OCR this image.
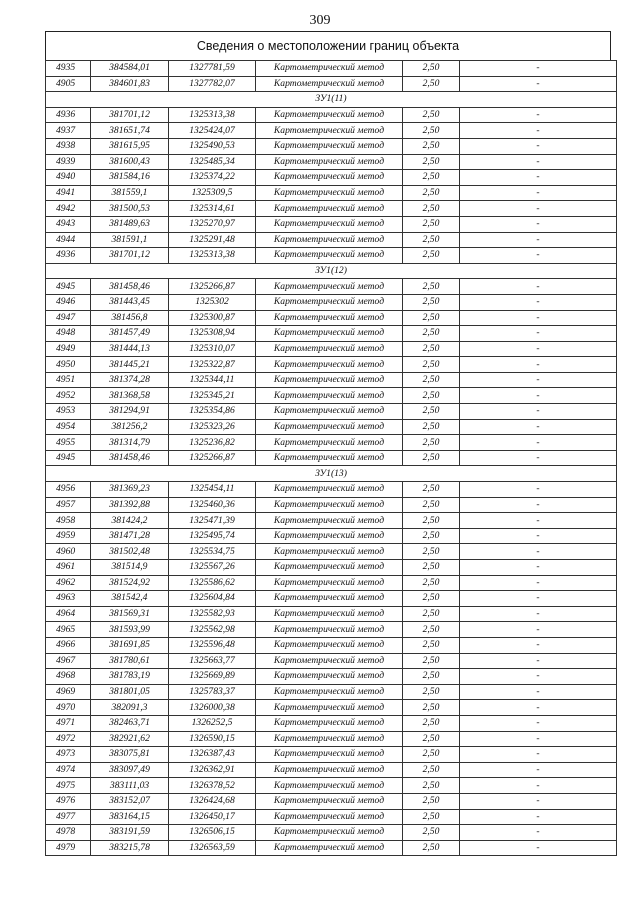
309
Сведения о местоположении границ объекта
4935	384584,01	1327781,59	Картометрический метод	2,50	-
4905	384601,83	1327782,07	Картометрический метод	2,50	-
ЗУ1(11)					
4936	381701,12	1325313,38	Картометрический метод	2,50	-
4937	381651,74	1325424,07	Картометрический метод	2,50	-
4938	381615,95	1325490,53	Картометрический метод	2,50	-
4939	381600,43	1325485,34	Картометрический метод	2,50	-
4940	381584,16	1325374,22	Картометрический метод	2,50	-
4941	381559,1	1325309,5	Картометрический метод	2,50	-
4942	381500,53	1325314,61	Картометрический метод	2,50	-
4943	381489,63	1325270,97	Картометрический метод	2,50	-
4944	381591,1	1325291,48	Картометрический метод	2,50	-
4936	381701,12	1325313,38	Картометрический метод	2,50	-
ЗУ1(12)					
4945	381458,46	1325266,87	Картометрический метод	2,50	-
4946	381443,45	1325302	Картометрический метод	2,50	-
4947	381456,8	1325300,87	Картометрический метод	2,50	-
4948	381457,49	1325308,94	Картометрический метод	2,50	-
4949	381444,13	1325310,07	Картометрический метод	2,50	-
4950	381445,21	1325322,87	Картометрический метод	2,50	-
4951	381374,28	1325344,11	Картометрический метод	2,50	-
4952	381368,58	1325345,21	Картометрический метод	2,50	-
4953	381294,91	1325354,86	Картометрический метод	2,50	-
4954	381256,2	1325323,26	Картометрический метод	2,50	-
4955	381314,79	1325236,82	Картометрический метод	2,50	-
4945	381458,46	1325266,87	Картометрический метод	2,50	-
ЗУ1(13)					
4956	381369,23	1325454,11	Картометрический метод	2,50	-
4957	381392,88	1325460,36	Картометрический метод	2,50	-
4958	381424,2	1325471,39	Картометрический метод	2,50	-
4959	381471,28	1325495,74	Картометрический метод	2,50	-
4960	381502,48	1325534,75	Картометрический метод	2,50	-
4961	381514,9	1325567,26	Картометрический метод	2,50	-
4962	381524,92	1325586,62	Картометрический метод	2,50	-
4963	381542,4	1325604,84	Картометрический метод	2,50	-
4964	381569,31	1325582,93	Картометрический метод	2,50	-
4965	381593,99	1325562,98	Картометрический метод	2,50	-
4966	381691,85	1325596,48	Картометрический метод	2,50	-
4967	381780,61	1325663,77	Картометрический метод	2,50	-
4968	381783,19	1325669,89	Картометрический метод	2,50	-
4969	381801,05	1325783,37	Картометрический метод	2,50	-
4970	382091,3	1326000,38	Картометрический метод	2,50	-
4971	382463,71	1326252,5	Картометрический метод	2,50	-
4972	382921,62	1326590,15	Картометрический метод	2,50	-
4973	383075,81	1326387,43	Картометрический метод	2,50	-
4974	383097,49	1326362,91	Картометрический метод	2,50	-
4975	383111,03	1326378,52	Картометрический метод	2,50	-
4976	383152,07	1326424,68	Картометрический метод	2,50	-
4977	383164,15	1326450,17	Картометрический метод	2,50	-
4978	383191,59	1326506,15	Картометрический метод	2,50	-
4979	383215,78	1326563,59	Картометрический метод	2,50	-
